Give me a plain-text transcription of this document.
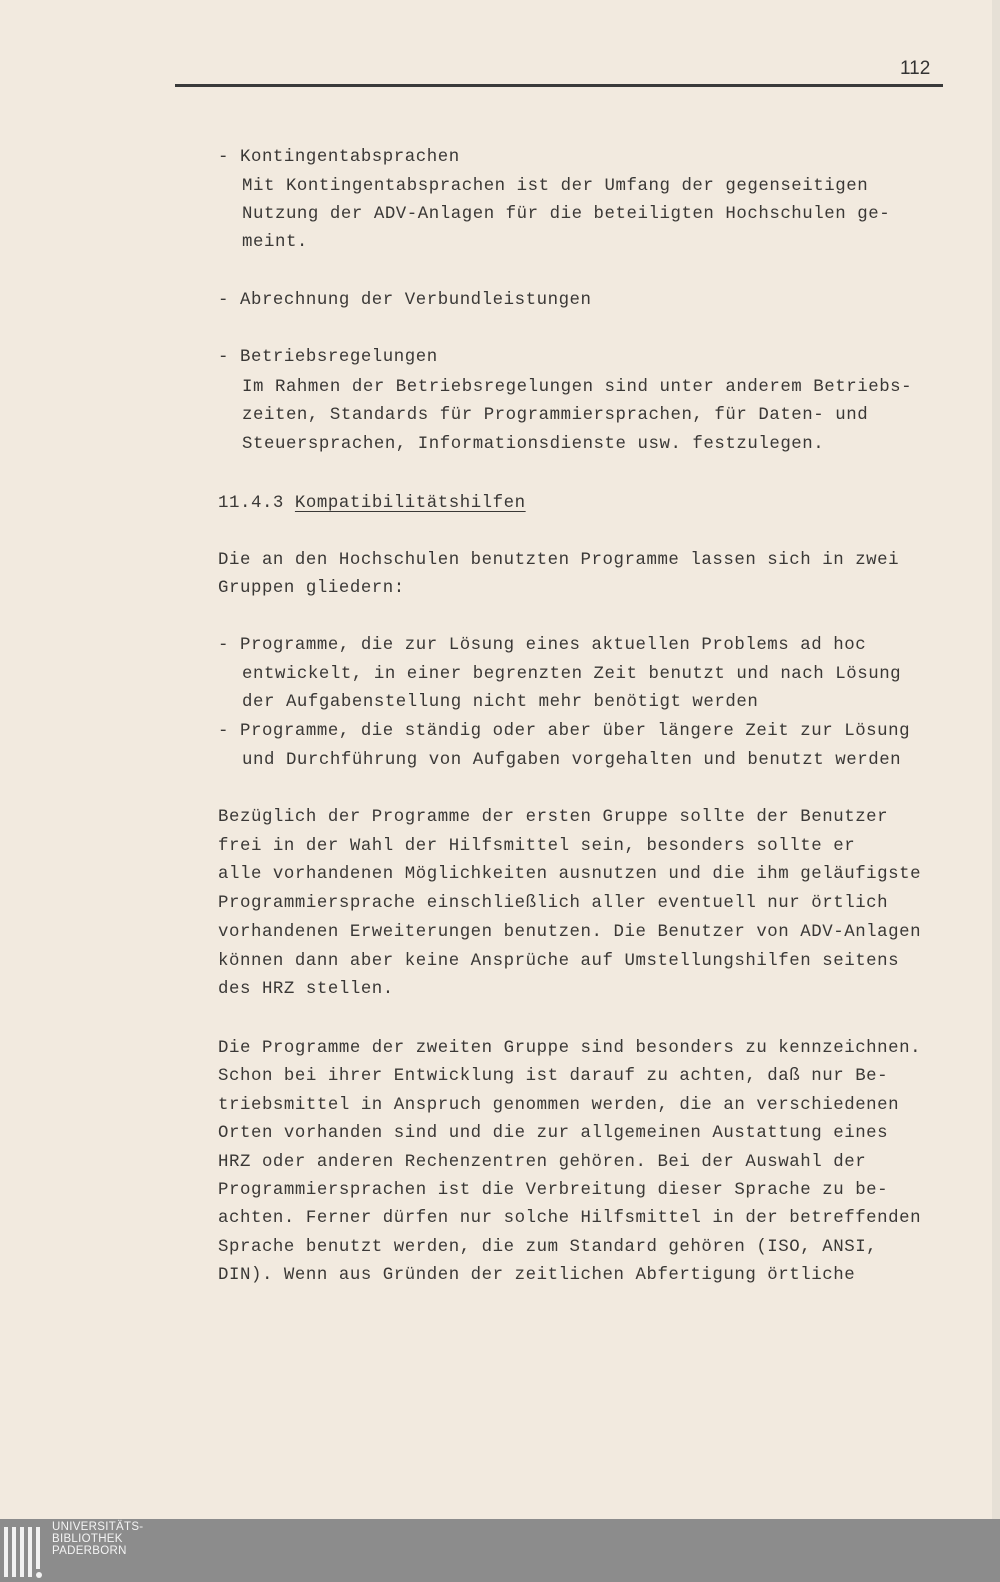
112
- Kontingentabsprachen
Mit Kontingentabsprachen ist der Umfang der gegenseitigen
Nutzung der ADV-Anlagen für die beteiligten Hochschulen ge-
meint.
- Abrechnung der Verbundleistungen
- Betriebsregelungen
Im Rahmen der Betriebsregelungen sind unter anderem Betriebs-
zeiten, Standards für Programmiersprachen, für Daten- und
Steuersprachen, Informationsdienste usw. festzulegen.
11.4.3 Kompatibilitätshilfen
Die an den Hochschulen benutzten Programme lassen sich in zwei
Gruppen gliedern:
- Programme, die zur Lösung eines aktuellen Problems ad hoc
entwickelt, in einer begrenzten Zeit benutzt und nach Lösung
der Aufgabenstellung nicht mehr benötigt werden
- Programme, die ständig oder aber über längere Zeit zur Lösung
und Durchführung von Aufgaben vorgehalten und benutzt werden
Bezüglich der Programme der ersten Gruppe sollte der Benutzer
frei in der Wahl der Hilfsmittel sein, besonders sollte er
alle vorhandenen Möglichkeiten ausnutzen und die ihm geläufigste
Programmiersprache einschließlich aller eventuell nur örtlich
vorhandenen Erweiterungen benutzen. Die Benutzer von ADV-Anlagen
können dann aber keine Ansprüche auf Umstellungshilfen seitens
des HRZ stellen.
Die Programme der zweiten Gruppe sind besonders zu kennzeichnen.
Schon bei ihrer Entwicklung ist darauf zu achten, daß nur Be-
triebsmittel in Anspruch genommen werden, die an verschiedenen
Orten vorhanden sind und die zur allgemeinen Austattung eines
HRZ oder anderen Rechenzentren gehören. Bei der Auswahl der
Programmiersprachen ist die Verbreitung dieser Sprache zu be-
achten. Ferner dürfen nur solche Hilfsmittel in der betreffenden
Sprache benutzt werden, die zum Standard gehören (ISO, ANSI,
DIN). Wenn aus Gründen der zeitlichen Abfertigung örtliche
UNIVERSITÄTS-
BIBLIOTHEK
PADERBORN
